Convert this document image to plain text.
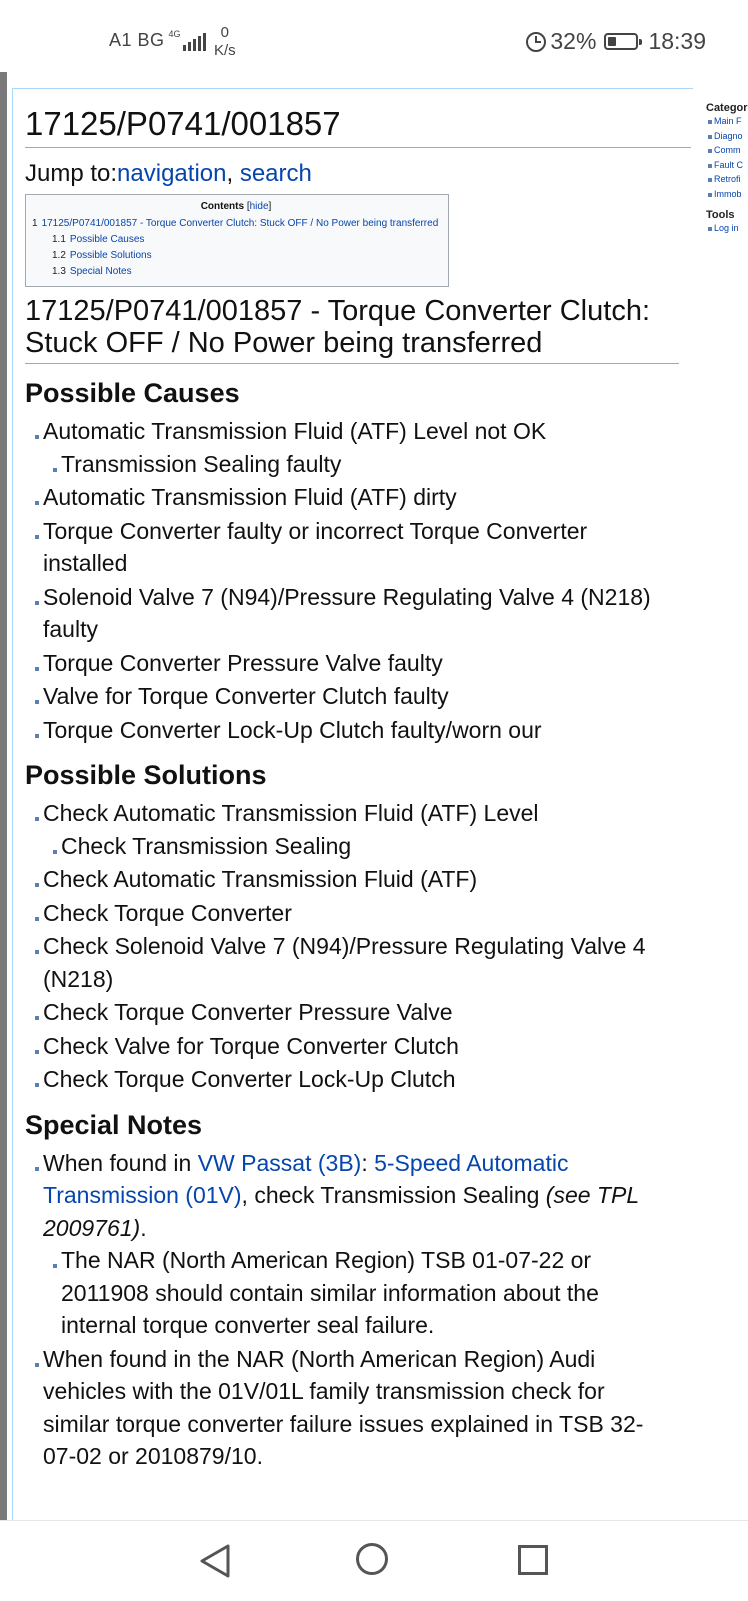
A1 BG 4G	0
K/s	32% 18:39
17125/P0741/001857
Jump to:navigation, search
Contents [hide]
1 17125/P0741/001857 - Torque Converter Clutch: Stuck OFF / No Power being transferred
1.1 Possible Causes
1.2 Possible Solutions
1.3 Special Notes
17125/P0741/001857 - Torque Converter Clutch: Stuck OFF / No Power being transferred
Possible Causes
Automatic Transmission Fluid (ATF) Level not OK
Transmission Sealing faulty
Automatic Transmission Fluid (ATF) dirty
Torque Converter faulty or incorrect Torque Converter installed
Solenoid Valve 7 (N94)/Pressure Regulating Valve 4 (N218) faulty
Torque Converter Pressure Valve faulty
Valve for Torque Converter Clutch faulty
Torque Converter Lock-Up Clutch faulty/worn our
Possible Solutions
Check Automatic Transmission Fluid (ATF) Level
Check Transmission Sealing
Check Automatic Transmission Fluid (ATF)
Check Torque Converter
Check Solenoid Valve 7 (N94)/Pressure Regulating Valve 4 (N218)
Check Torque Converter Pressure Valve
Check Valve for Torque Converter Clutch
Check Torque Converter Lock-Up Clutch
Special Notes
When found in VW Passat (3B): 5-Speed Automatic Transmission (01V), check Transmission Sealing (see TPL 2009761).
The NAR (North American Region) TSB 01-07-22 or 2011908 should contain similar information about the internal torque converter seal failure.
When found in the NAR (North American Region) Audi vehicles with the 01V/01L family transmission check for similar torque converter failure issues explained in TSB 32-07-02 or 2010879/10.
Categor
Main F
Diagno
Comm
Fault C
Retrofi
Immob
Tools
Log in
